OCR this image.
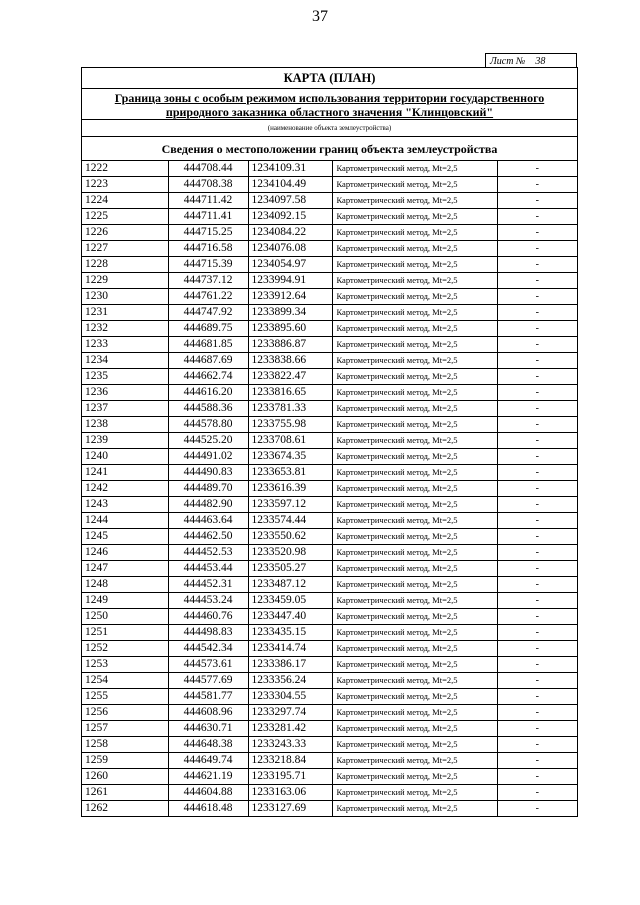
37
Лист № 38
КАРТА (ПЛАН)
Граница зоны с особым режимом использования территории государственного
природного заказника областного значения "Клинцовский"
(наименование объекта землеустройства)
Сведения о местоположении границ объекта землеустройства
1222	444708.44	1234109.31	Картометрический метод, Mt=2,5	-
1223	444708.38	1234104.49	Картометрический метод, Mt=2,5	-
1224	444711.42	1234097.58	Картометрический метод, Mt=2,5	-
1225	444711.41	1234092.15	Картометрический метод, Mt=2,5	-
1226	444715.25	1234084.22	Картометрический метод, Mt=2,5	-
1227	444716.58	1234076.08	Картометрический метод, Mt=2,5	-
1228	444715.39	1234054.97	Картометрический метод, Mt=2,5	-
1229	444737.12	1233994.91	Картометрический метод, Mt=2,5	-
1230	444761.22	1233912.64	Картометрический метод, Mt=2,5	-
1231	444747.92	1233899.34	Картометрический метод, Mt=2,5	-
1232	444689.75	1233895.60	Картометрический метод, Mt=2,5	-
1233	444681.85	1233886.87	Картометрический метод, Mt=2,5	-
1234	444687.69	1233838.66	Картометрический метод, Mt=2,5	-
1235	444662.74	1233822.47	Картометрический метод, Mt=2,5	-
1236	444616.20	1233816.65	Картометрический метод, Mt=2,5	-
1237	444588.36	1233781.33	Картометрический метод, Mt=2,5	-
1238	444578.80	1233755.98	Картометрический метод, Mt=2,5	-
1239	444525.20	1233708.61	Картометрический метод, Mt=2,5	-
1240	444491.02	1233674.35	Картометрический метод, Mt=2,5	-
1241	444490.83	1233653.81	Картометрический метод, Mt=2,5	-
1242	444489.70	1233616.39	Картометрический метод, Mt=2,5	-
1243	444482.90	1233597.12	Картометрический метод, Mt=2,5	-
1244	444463.64	1233574.44	Картометрический метод, Mt=2,5	-
1245	444462.50	1233550.62	Картометрический метод, Mt=2,5	-
1246	444452.53	1233520.98	Картометрический метод, Mt=2,5	-
1247	444453.44	1233505.27	Картометрический метод, Mt=2,5	-
1248	444452.31	1233487.12	Картометрический метод, Mt=2,5	-
1249	444453.24	1233459.05	Картометрический метод, Mt=2,5	-
1250	444460.76	1233447.40	Картометрический метод, Mt=2,5	-
1251	444498.83	1233435.15	Картометрический метод, Mt=2,5	-
1252	444542.34	1233414.74	Картометрический метод, Mt=2,5	-
1253	444573.61	1233386.17	Картометрический метод, Mt=2,5	-
1254	444577.69	1233356.24	Картометрический метод, Mt=2,5	-
1255	444581.77	1233304.55	Картометрический метод, Mt=2,5	-
1256	444608.96	1233297.74	Картометрический метод, Mt=2,5	-
1257	444630.71	1233281.42	Картометрический метод, Mt=2,5	-
1258	444648.38	1233243.33	Картометрический метод, Mt=2,5	-
1259	444649.74	1233218.84	Картометрический метод, Mt=2,5	-
1260	444621.19	1233195.71	Картометрический метод, Mt=2,5	-
1261	444604.88	1233163.06	Картометрический метод, Mt=2,5	-
1262	444618.48	1233127.69	Картометрический метод, Mt=2,5	-
